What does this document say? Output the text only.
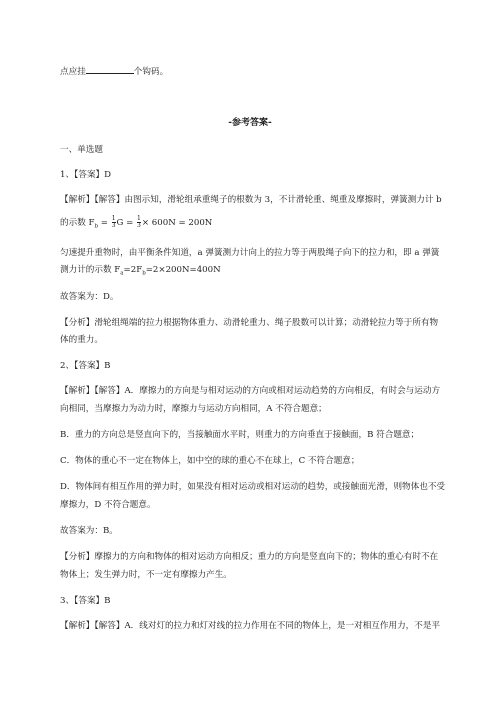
点应挂	个钩码。
-参考答案-
一、单选题
1、【答案】D
【解析】【解答】由图示知，滑轮组承重绳子的根数为 3，不计滑轮重、绳重及摩擦时，弹簧测力计 b
的示数 $F_b = \frac{1}{3}$ $G = \frac{1}{3} \times 600N = 200N$
匀速提升重物时，由平衡条件知道，a 弹簧测力计向上的拉力等于两股绳子向下的拉力和，即 a 弹簧
测力计的示数 $F_a=2F_b=2\times 200N=400N$
故答案为：D。
【分析】滑轮组绳端的拉力根据物体重力、动滑轮重力、绳子股数可以计算；动滑轮拉力等于所有物
体的重力。
2、【答案】B
【解析】【解答】A．摩擦力的方向是与相对运动的方向或相对运动趋势的方向相反，有时会与运动方
向相同，当摩擦力为动力时，摩擦力与运动方向相同，A 不符合题意；
B．重力的方向总是竖直向下的，当接触面水平时，则重力的方向垂直于接触面，B 符合题意；
C．物体的重心不一定在物体上，如中空的球的重心不在球上，C 不符合题意；
D．物体间有相互作用的弹力时，如果没有相对运动或相对运动的趋势，或接触面光滑，则物体也不受
摩擦力，D 不符合题意。
故答案为：B。
【分析】摩擦力的方向和物体的相对运动方向相反；重力的方向是竖直向下的；物体的重心有时不在
物体上；发生弹力时，不一定有摩擦力产生。
3、【答案】B
【解析】【解答】A．线对灯的拉力和灯对线的拉力作用在不同的物体上，是一对相互作用力，不是平
